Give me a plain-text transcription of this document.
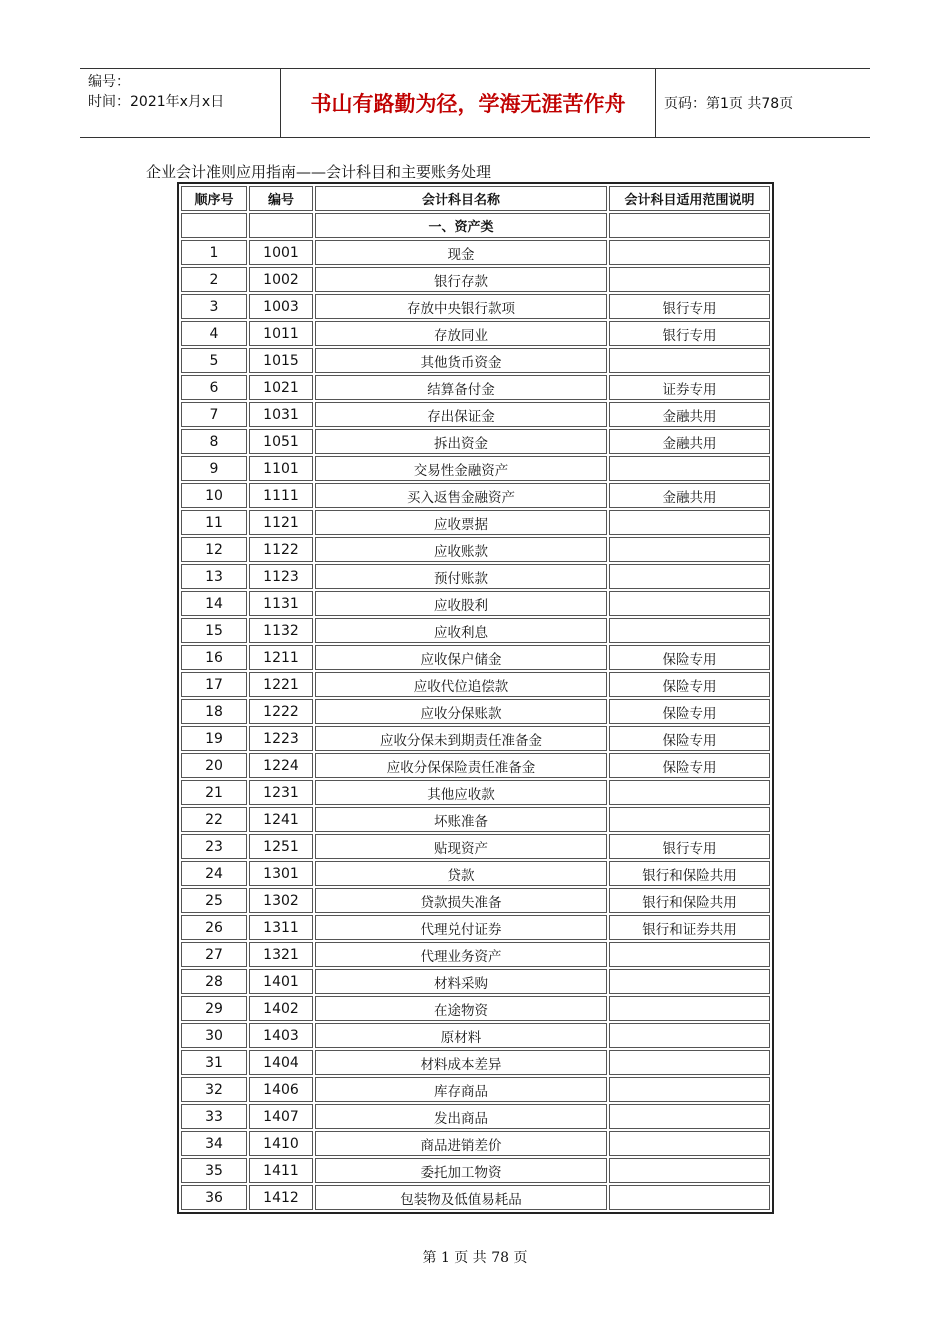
编号：
时间：2021年x月x日	书山有路勤为径，学海无涯苦作舟	页码：第1页 共78页
企业会计准则应用指南——会计科目和主要账务处理
顺序号	编号	会计科目名称	会计科目适用范围说明
		一、资产类	
1	1001	现金	
2	1002	银行存款	
3	1003	存放中央银行款项	银行专用
4	1011	存放同业	银行专用
5	1015	其他货币资金	
6	1021	结算备付金	证券专用
7	1031	存出保证金	金融共用
8	1051	拆出资金	金融共用
9	1101	交易性金融资产	
10	1111	买入返售金融资产	金融共用
11	1121	应收票据	
12	1122	应收账款	
13	1123	预付账款	
14	1131	应收股利	
15	1132	应收利息	
16	1211	应收保户储金	保险专用
17	1221	应收代位追偿款	保险专用
18	1222	应收分保账款	保险专用
19	1223	应收分保未到期责任准备金	保险专用
20	1224	应收分保保险责任准备金	保险专用
21	1231	其他应收款	
22	1241	坏账准备	
23	1251	贴现资产	银行专用
24	1301	贷款	银行和保险共用
25	1302	贷款损失准备	银行和保险共用
26	1311	代理兑付证券	银行和证券共用
27	1321	代理业务资产	
28	1401	材料采购	
29	1402	在途物资	
30	1403	原材料	
31	1404	材料成本差异	
32	1406	库存商品	
33	1407	发出商品	
34	1410	商品进销差价	
35	1411	委托加工物资	
36	1412	包装物及低值易耗品	
第 1 页 共 78 页
